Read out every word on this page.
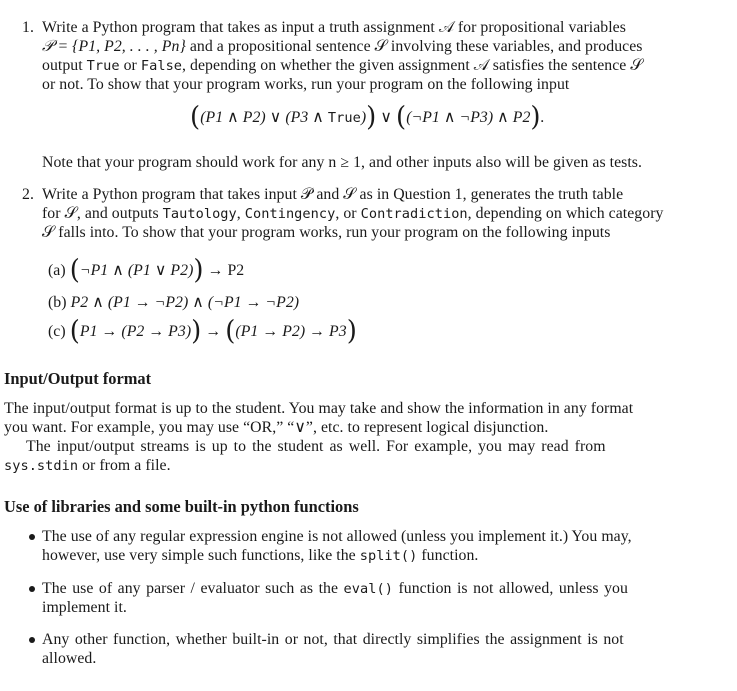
1. Write a Python program that takes as input a truth assignment 𝒜 for propositional variables
𝒫 = {P1, P2, . . . , Pn} and a propositional sentence 𝒮 involving these variables, and produces
output True or False, depending on whether the given assignment 𝒜 satisfies the sentence 𝒮
or not. To show that your program works, run your program on the following input
((P1 ∧ P2) ∨ (P3 ∧ True)) ∨ ((¬P1 ∧ ¬P3) ∧ P2).
Note that your program should work for any n ≥ 1, and other inputs also will be given as tests.
2. Write a Python program that takes input 𝒫 and 𝒮 as in Question 1, generates the truth table
for 𝒮, and outputs Tautology, Contingency, or Contradiction, depending on which category
𝒮 falls into. To show that your program works, run your program on the following inputs
(a) (¬P1 ∧ (P1 ∨ P2)) → P2
(b) P2 ∧ (P1 → ¬P2) ∧ (¬P1 → ¬P2)
(c) (P1 → (P2 → P3)) → ((P1 → P2) → P3)
Input/Output format
The input/output format is up to the student. You may take and show the information in any format
you want. For example, you may use “OR,” “∨”, etc. to represent logical disjunction.
The input/output streams is up to the student as well. For example, you may read from
sys.stdin or from a file.
Use of libraries and some built-in python functions
The use of any regular expression engine is not allowed (unless you implement it.) You may,
however, use very simple such functions, like the split() function.
The use of any parser / evaluator such as the eval() function is not allowed, unless you
implement it.
Any other function, whether built-in or not, that directly simplifies the assignment is not
allowed.
